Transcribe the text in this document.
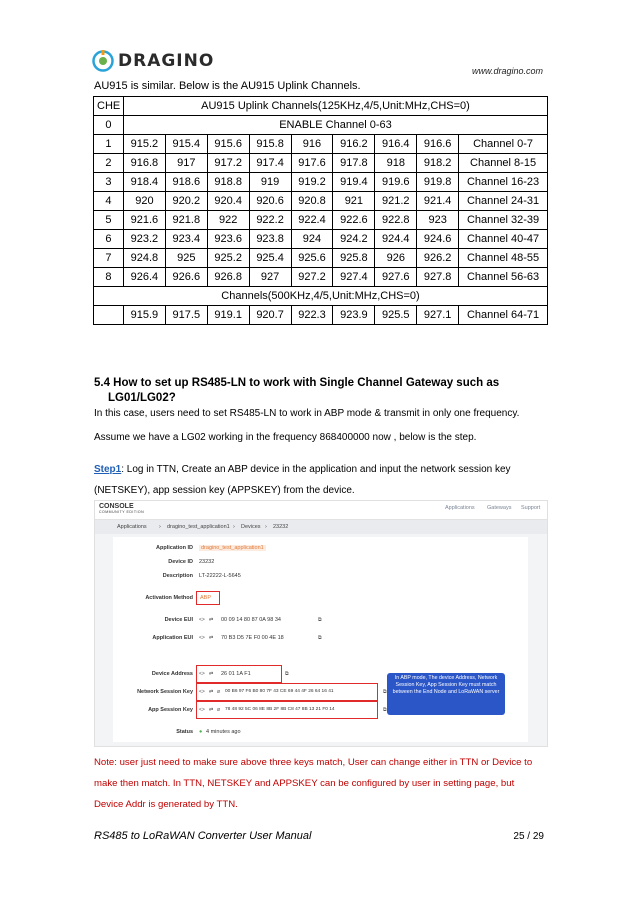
DRAGINO	www.dragino.com
AU915 is similar. Below is the AU915 Uplink Channels.
CHE	AU915 Uplink Channels(125KHz,4/5,Unit:MHz,CHS=0)								
0	ENABLE Channel 0-63								
1	915.2	915.4	915.6	915.8	916	916.2	916.4	916.6	Channel 0-7
2	916.8	917	917.2	917.4	917.6	917.8	918	918.2	Channel 8-15
3	918.4	918.6	918.8	919	919.2	919.4	919.6	919.8	Channel 16-23
4	920	920.2	920.4	920.6	920.8	921	921.2	921.4	Channel 24-31
5	921.6	921.8	922	922.2	922.4	922.6	922.8	923	Channel 32-39
6	923.2	923.4	923.6	923.8	924	924.2	924.4	924.6	Channel 40-47
7	924.8	925	925.2	925.4	925.6	925.8	926	926.2	Channel 48-55
8	926.4	926.6	926.8	927	927.2	927.4	927.6	927.8	Channel 56-63
Channels(500KHz,4/5,Unit:MHz,CHS=0)									
	915.9	917.5	919.1	920.7	922.3	923.9	925.5	927.1	Channel 64-71
5.4 How to set up RS485-LN to work with Single Channel Gateway such as
LG01/LG02?
In this case, users need to set RS485-LN to work in ABP mode & transmit in only one frequency.
Assume we have a LG02 working in the frequency 868400000 now , below is the step.
Step1: Log in TTN, Create an ABP device in the application and input the network session key
(NETSKEY), app session key (APPSKEY) from the device.
CONSOLE
COMMUNITY EDITION
Applications Gateways Support
Applications › dragino_test_application1 › Devices › 23232
Application ID	dragino_test_application1
Device ID 23232
Description LT-22222-L-5645
Activation Method ABP
Device EUI <> ⇄ 00 09 14 80 87 0A 98 34	⧉
Application EUI <> ⇄ 70 B3 D5 7E F0 00 4E 18	⧉
Device Address <> ⇄ 26 01 1A F1	⧉
Network Session Key <> ⇄ ø 00 B6 97 F6 B0 80 7F 43 CE 69 44 4F 26 64 16 41	⧉
App Session Key <> ⇄ ø 78 48 92 5C 06 8E 8B 2F 8B C8 47 8B 13 21 F0 14	⧉
Status ● 4 minutes ago
In ABP mode, The device Address, Network Session Key, App Session Key must match between the End Node and LoRaWAN server
Note: user just need to make sure above three keys match, User can change either in TTN or Device to make then match. In TTN, NETSKEY and APPSKEY can be configured by user in setting page, but Device Addr is generated by TTN.
RS485 to LoRaWAN Converter User Manual	25 / 29
